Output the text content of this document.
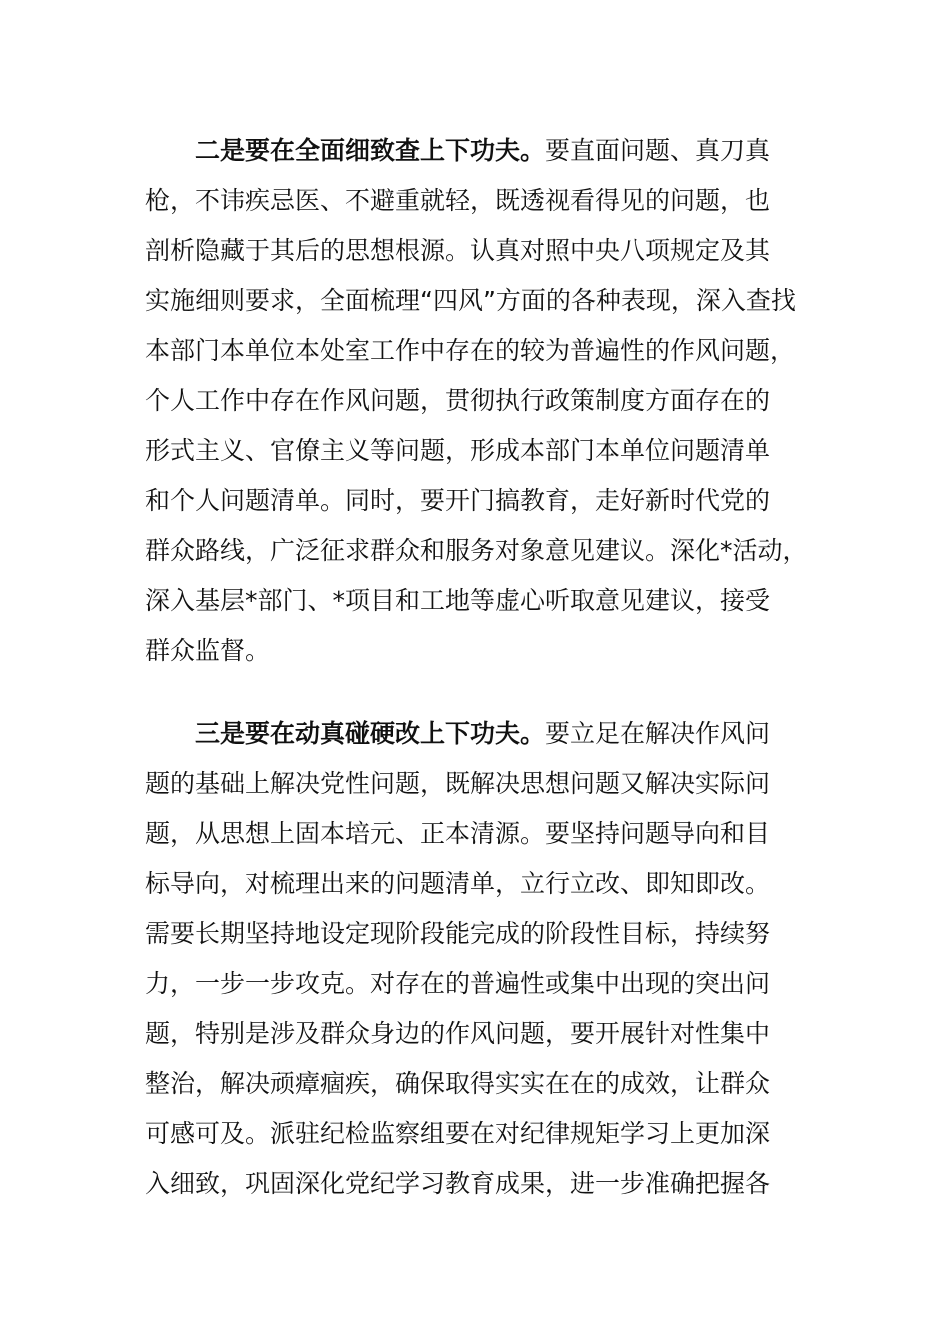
二是要在全面细致查上下功夫。要直面问题、真刀真
枪，不讳疾忌医、不避重就轻，既透视看得见的问题，也
剖析隐藏于其后的思想根源。认真对照中央八项规定及其
实施细则要求，全面梳理“四风”方面的各种表现，深入查找
本部门本单位本处室工作中存在的较为普遍性的作风问题，
个人工作中存在作风问题，贯彻执行政策制度方面存在的
形式主义、官僚主义等问题，形成本部门本单位问题清单
和个人问题清单。同时，要开门搞教育，走好新时代党的
群众路线，广泛征求群众和服务对象意见建议。深化*活动，
深入基层*部门、*项目和工地等虚心听取意见建议，接受
群众监督。
三是要在动真碰硬改上下功夫。要立足在解决作风问
题的基础上解决党性问题，既解决思想问题又解决实际问
题，从思想上固本培元、正本清源。要坚持问题导向和目
标导向，对梳理出来的问题清单，立行立改、即知即改。
需要长期坚持地设定现阶段能完成的阶段性目标，持续努
力，一步一步攻克。对存在的普遍性或集中出现的突出问
题，特别是涉及群众身边的作风问题，要开展针对性集中
整治，解决顽瘴痼疾，确保取得实实在在的成效，让群众
可感可及。派驻纪检监察组要在对纪律规矩学习上更加深
入细致，巩固深化党纪学习教育成果，进一步准确把握各
